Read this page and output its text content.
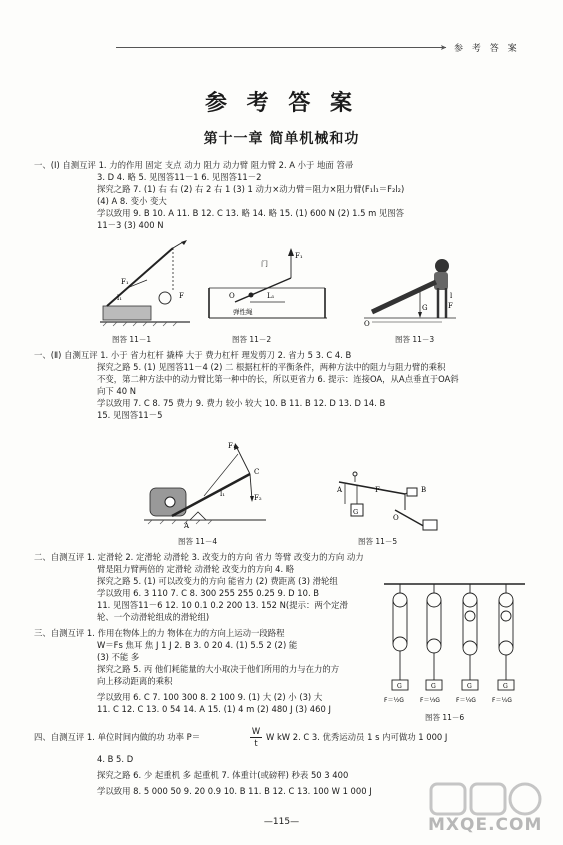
➤ 参 考 答 案
参 考 答 案
第十一章 简单机械和功
一、(Ⅰ) 自测互评 1. 力的作用 固定 支点 动力 阻力 动力臂 阻力臂 2. A 小于 地面 笤帚
3. D 4. 略 5. 见图答11－1 6. 见图答11－2
探究之路 7. (1) 右 右 (2) 右 2 右 1 (3) 1 动力×动力臂＝阻力×阻力臂(F₁l₁＝F₂l₂)
(4) A 8. 变小 变大
学以致用 9. B 10. A 11. B 12. C 13. 略 14. 略 15. (1) 600 N (2) 1.5 m 见图答
11－3 (3) 400 N
F₁
l₁	F
图答 11－1
O
F₁
L₁
门
弹性绳
图答 11－2
O
G	F
l
图答 11－3
一、(Ⅱ) 自测互评 1. 小于 省力杠杆 撬棒 大于 费力杠杆 理发剪刀 2. 省力 5 3. C 4. B
探究之路 5. (1) 见图答11－4 (2) 二 根据杠杆的平衡条件，两种方法中的阻力与阻力臂的乘积
不变，第二种方法中的动力臂比第一种中的长，所以更省力 6. 提示：连接OA，从A点垂直于OA斜
向下 40 N
学以致用 7. C 8. 75 费力 9. 费力 较小 较大 10. B 11. B 12. D 13. D 14. B
15. 见图答11－5
F₁
C
F₂
l₁
A
图答 11－4
A
G
B
O
F
图答 11－5
二、自测互评 1. 定滑轮 2. 定滑轮 动滑轮 3. 改变力的方向 省力 等臂 改变力的方向 动力
臂是阻力臂两倍的 定滑轮 动滑轮 改变力的方向 4. 略
探究之路 5. (1) 可以改变力的方向 能省力 (2) 费距离 (3) 滑轮组
学以致用 6. 3 110 7. C 8. 300 255 255 0.25 9. D 10. B
11. 见图答11－6 12. 10 0.1 0.2 200 13. 152 N(提示：两个定滑
轮、一个动滑轮组成的滑轮组)
三、自测互评 1. 作用在物体上的力 物体在力的方向上运动一段路程
W＝Fs 焦耳 焦 J 1 J 2. B 3. 0 20 4. (1) 5.5 2 (2) 能
(3) 不能 多
探究之路 5. 丙 他们耗能量的大小取决于他们所用的力与在力的方
向上移动距离的乘积
学以致用 6. C 7. 100 300 8. 2 100 9. (1) 大 (2) 小 (3) 大
11. C 12. C 13. 0 54 14. A 15. (1) 4 m (2) 480 J (3) 460 J
G	G	G	G
F＝½G	F＝⅓G	F＝¼G	F＝⅕G
图答 11－6
四、自测互评 1. 单位时间内做的功 功率 P＝
W
t
W kW 2. C 3. 优秀运动员 1 s 内可做功 1 000 J
4. B 5. D
探究之路 6. 少 起重机 多 起重机 7. 体重计(或磅秤) 秒表 50 3 400
学以致用 8. 5 000 50 9. 20 0.9 10. B 11. B 12. C 13. 100 W 1 000 J
MXQE.COM
—115—
